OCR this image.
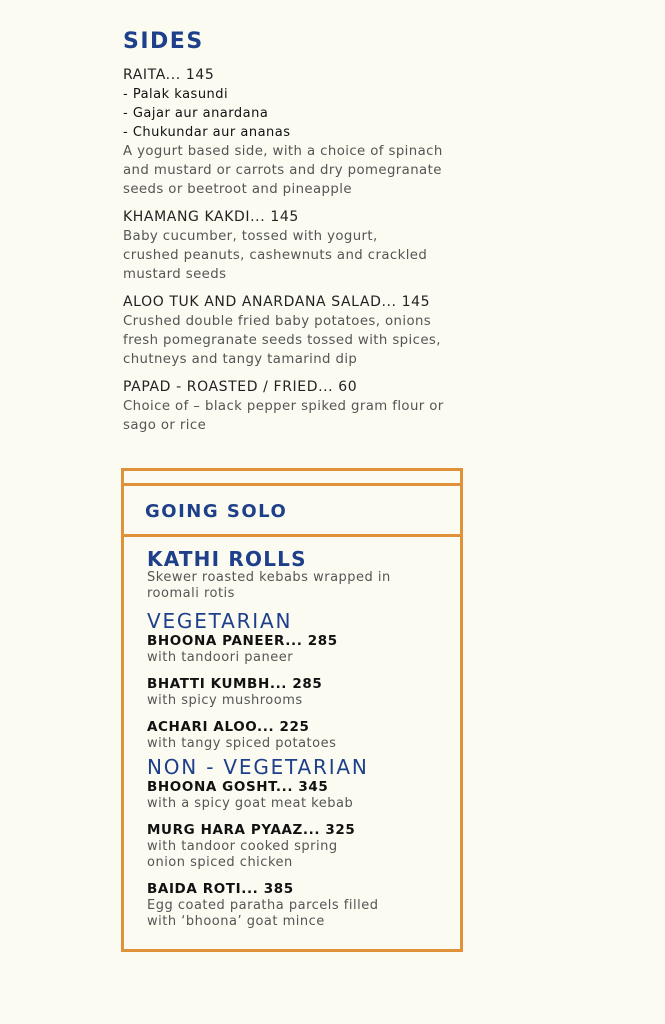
SIDES
RAITA... 145
- Palak kasundi
- Gajar aur anardana
- Chukundar aur ananas
A yogurt based side, with a choice of spinach
and mustard or carrots and dry pomegranate
seeds or beetroot and pineapple
KHAMANG KAKDI... 145
Baby cucumber, tossed with yogurt,
crushed peanuts, cashewnuts and crackled
mustard seeds
ALOO TUK AND ANARDANA SALAD... 145
Crushed double fried baby potatoes, onions
fresh pomegranate seeds tossed with spices,
chutneys and tangy tamarind dip
PAPAD - ROASTED / FRIED... 60
Choice of – black pepper spiked gram flour or
sago or rice
GOING SOLO
KATHI ROLLS
Skewer roasted kebabs wrapped in
roomali rotis
VEGETARIAN
BHOONA PANEER... 285
with tandoori paneer
BHATTI KUMBH... 285
with spicy mushrooms
ACHARI ALOO... 225
with tangy spiced potatoes
NON - VEGETARIAN
BHOONA GOSHT... 345
with a spicy goat meat kebab
MURG HARA PYAAZ... 325
with tandoor cooked spring
onion spiced chicken
BAIDA ROTI... 385
Egg coated paratha parcels filled
with ‘bhoona’ goat mince
